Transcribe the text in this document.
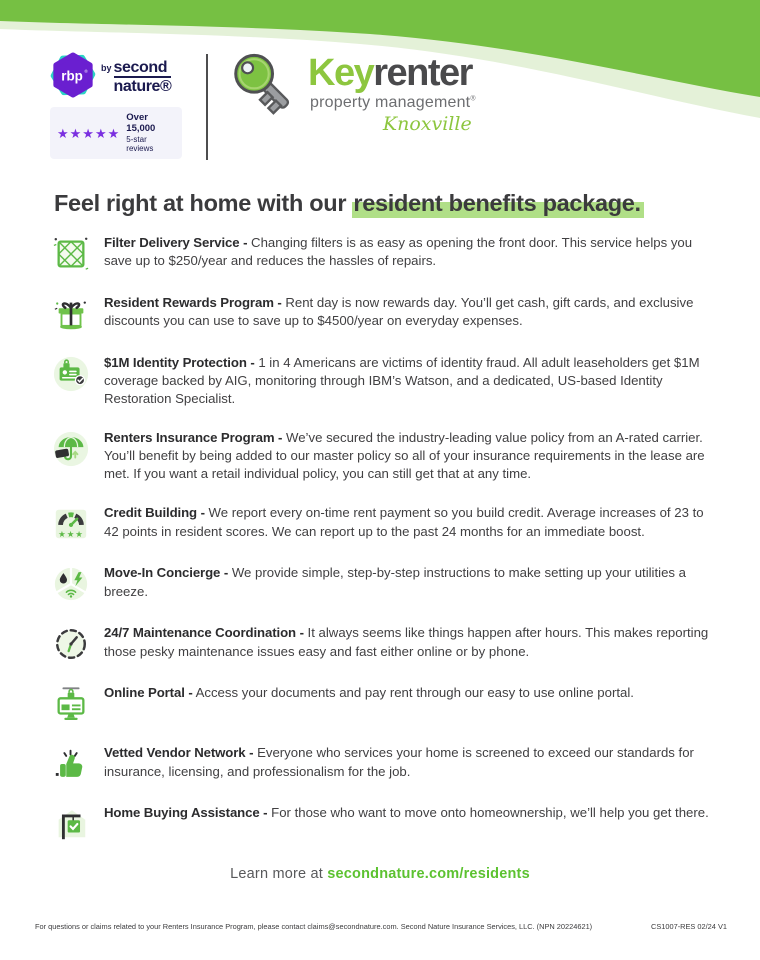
rbp ® by second
nature®
★★★★★
Over 15,000
5-star reviews
Keyrenter
property management®
Knoxville
Feel right at home with our resident benefits package.

Filter Delivery Service - Changing filters is as easy as opening the front door. This service helps you save up to $250/year and reduces the hassles of repairs.

Resident Rewards Program - Rent day is now rewards day. You’ll get cash, gift cards, and exclusive discounts you can use to save up to $4500/year on everyday expenses.

$1M Identity Protection - 1 in 4 Americans are victims of identity fraud. All adult leaseholders get $1M coverage backed by AIG, monitoring through IBM’s Watson, and a dedicated, US-based Identity Restoration Specialist.

Renters Insurance Program - We’ve secured the industry-leading value policy from an A-rated carrier. You’ll benefit by being added to our master policy so all of your insurance requirements in the lease are met. If you want a retail individual policy, you can still get that at any time.

★★★

Credit Building - We report every on-time rent payment so you build credit. Average increases of 23 to 42 points in resident scores. We can report up to the past 24 months for an immediate boost.

Move-In Concierge - We provide simple, step-by-step instructions to make setting up your utilities a breeze.

24/7 Maintenance Coordination - It always seems like things happen after hours. This makes reporting those pesky maintenance issues easy and fast either online or by phone.

Online Portal - Access your documents and pay rent through our easy to use online portal.

Vetted Vendor Network - Everyone who services your home is screened to exceed our standards for insurance, licensing, and professionalism for the job.

Home Buying Assistance - For those who want to move onto homeownership, we’ll help you get there.

Learn more at secondnature.com/residents
For questions or claims related to your Renters Insurance Program, please contact claims@secondnature.com. Second Nature Insurance Services, LLC. (NPN 20224621)	CS1007-RES 02/24 V1
